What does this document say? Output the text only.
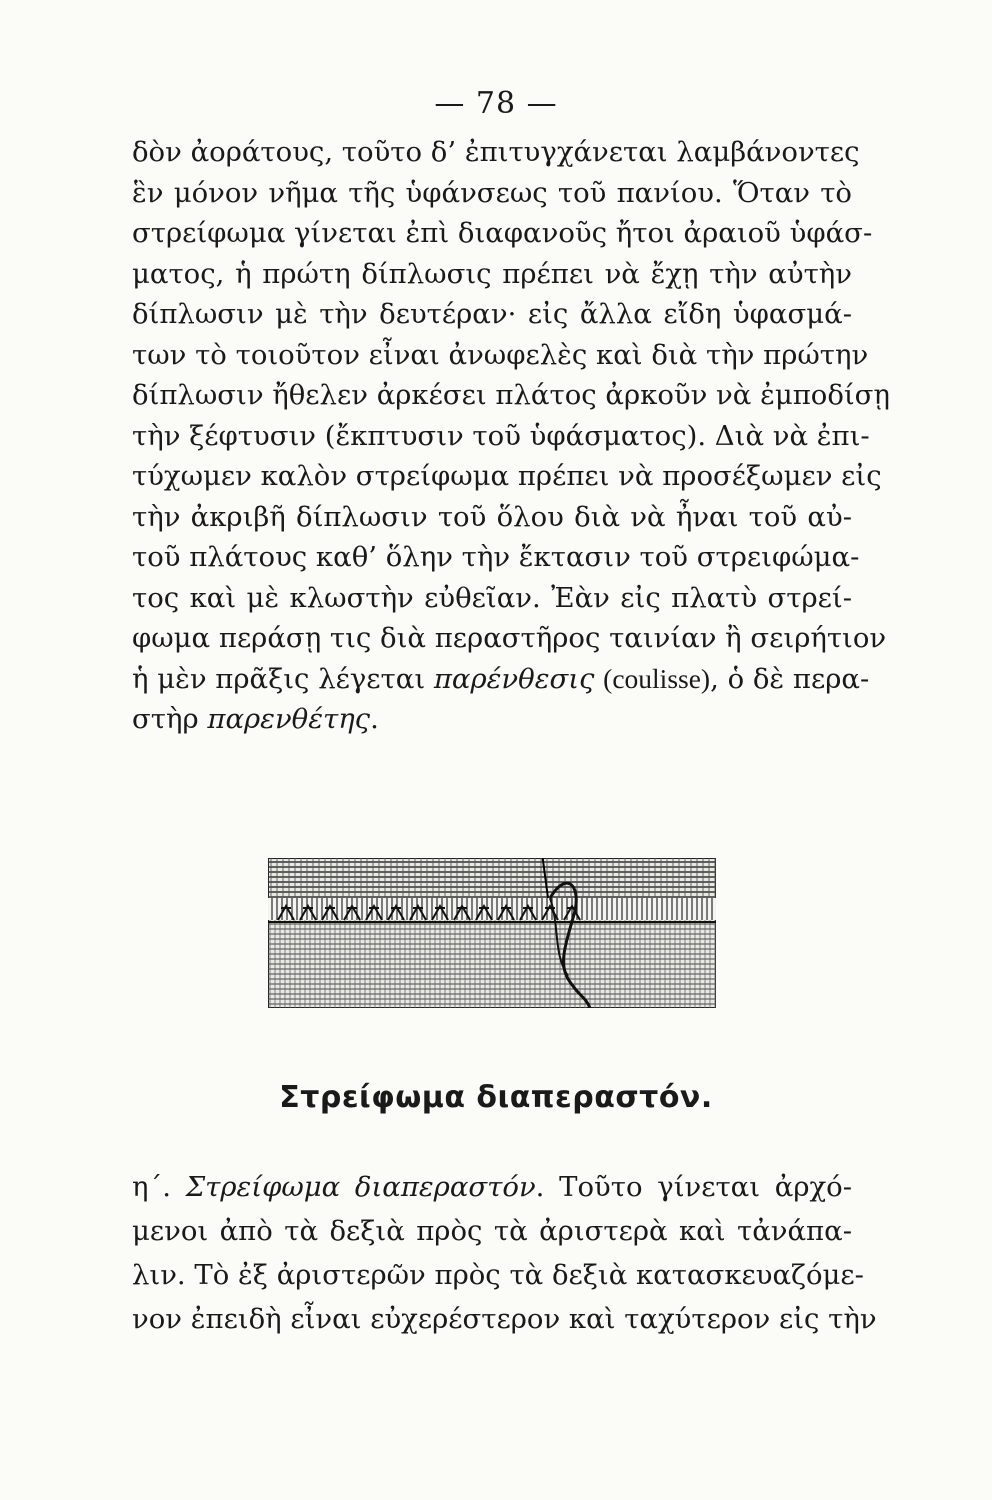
— 78 —
δὸν ἀοράτους, τοῦτο δ’ ἐπιτυγχάνεται λαμβάνοντες
ἓν μόνον νῆμα τῆς ὑφάνσεως τοῦ πανίου. Ὅταν τὸ
στρείφωμα γίνεται ἐπὶ διαφανοῦς ἤτοι ἀραιοῦ ὑφάσ-
ματος, ἡ πρώτη δίπλωσις πρέπει νὰ ἔχῃ τὴν αὐτὴν
δίπλωσιν μὲ τὴν δευτέραν· εἰς ἄλλα εἴδη ὑφασμά-
των τὸ τοιοῦτον εἶναι ἀνωφελὲς καὶ διὰ τὴν πρώτην
δίπλωσιν ἤθελεν ἀρκέσει πλάτος ἀρκοῦν νὰ ἐμποδίσῃ
τὴν ξέφτυσιν (ἔκπτυσιν τοῦ ὑφάσματος). Διὰ νὰ ἐπι-
τύχωμεν καλὸν στρείφωμα πρέπει νὰ προσέξωμεν εἰς
τὴν ἀκριβῆ δίπλωσιν τοῦ ὅλου διὰ νὰ ἦναι τοῦ αὐ-
τοῦ πλάτους καθ’ ὅλην τὴν ἔκτασιν τοῦ στρειφώμα-
τος καὶ μὲ κλωστὴν εὐθεῖαν. Ἐὰν εἰς πλατὺ στρεί-
φωμα περάσῃ τις διὰ περαστῆρος ταινίαν ἢ σειρήτιον
ἡ μὲν πρᾶξις λέγεται παρένθεσις (coulisse), ὁ δὲ περα-
στὴρ παρενθέτης.
Στρείφωμα διαπεραστόν.
η΄. Στρείφωμα διαπεραστόν. Τοῦτο γίνεται ἀρχό-
μενοι ἀπὸ τὰ δεξιὰ πρὸς τὰ ἀριστερὰ καὶ τἀνάπα-
λιν. Τὸ ἐξ ἀριστερῶν πρὸς τὰ δεξιὰ κατασκευαζόμε-
νον ἐπειδὴ εἶναι εὐχερέστερον καὶ ταχύτερον εἰς τὴν
